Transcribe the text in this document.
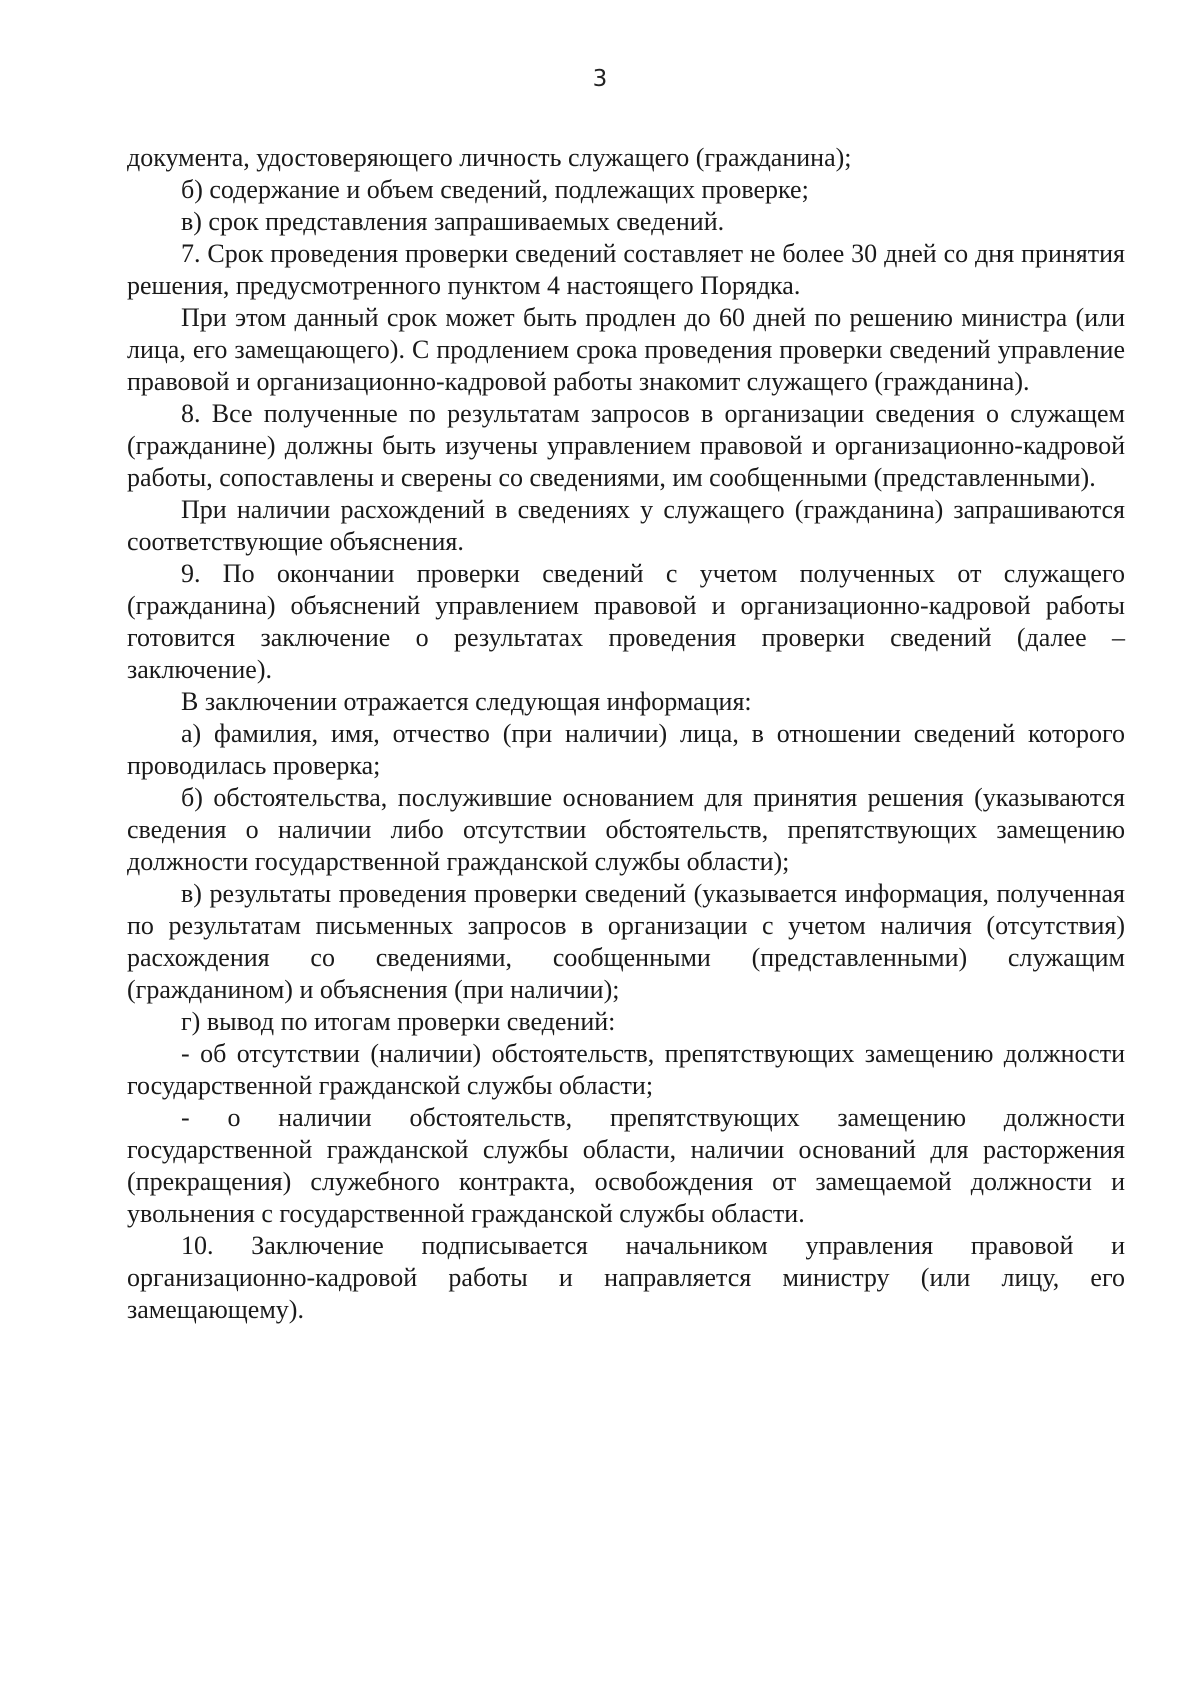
3

документа, удостоверяющего личность служащего (гражданина);

б) содержание и объем сведений, подлежащих проверке;

в) срок представления запрашиваемых сведений.

7. Срок проведения проверки сведений составляет не более 30 дней со дня принятия решения, предусмотренного пунктом 4 настоящего Порядка.

При этом данный срок может быть продлен до 60 дней по решению министра (или лица, его замещающего). С продлением срока проведения проверки сведений управление правовой и организационно-кадровой работы знакомит служащего (гражданина).

8. Все полученные по результатам запросов в организации сведения о служащем (гражданине) должны быть изучены управлением правовой и организационно-кадровой работы, сопоставлены и сверены со сведениями, им сообщенными (представленными).

При наличии расхождений в сведениях у служащего (гражданина) запрашиваются соответствующие объяснения.

9. По окончании проверки сведений с учетом полученных от служащего (гражданина) объяснений управлением правовой и организационно-кадровой работы готовится заключение о результатах проведения проверки сведений (далее – заключение).

В заключении отражается следующая информация:

а) фамилия, имя, отчество (при наличии) лица, в отношении сведений которого проводилась проверка;

б) обстоятельства, послужившие основанием для принятия решения (указываются сведения о наличии либо отсутствии обстоятельств, препятствующих замещению должности государственной гражданской службы области);

в) результаты проведения проверки сведений (указывается информация, полученная по результатам письменных запросов в организации с учетом наличия (отсутствия) расхождения со сведениями, сообщенными (представленными) служащим (гражданином) и объяснения (при наличии);

г) вывод по итогам проверки сведений:

- об отсутствии (наличии) обстоятельств, препятствующих замещению должности государственной гражданской службы области;

- о наличии обстоятельств, препятствующих замещению должности государственной гражданской службы области, наличии оснований для расторжения (прекращения) служебного контракта, освобождения от замещаемой должности и увольнения с государственной гражданской службы области.

10. Заключение подписывается начальником управления правовой и организационно-кадровой работы и направляется министру (или лицу, его замещающему).
